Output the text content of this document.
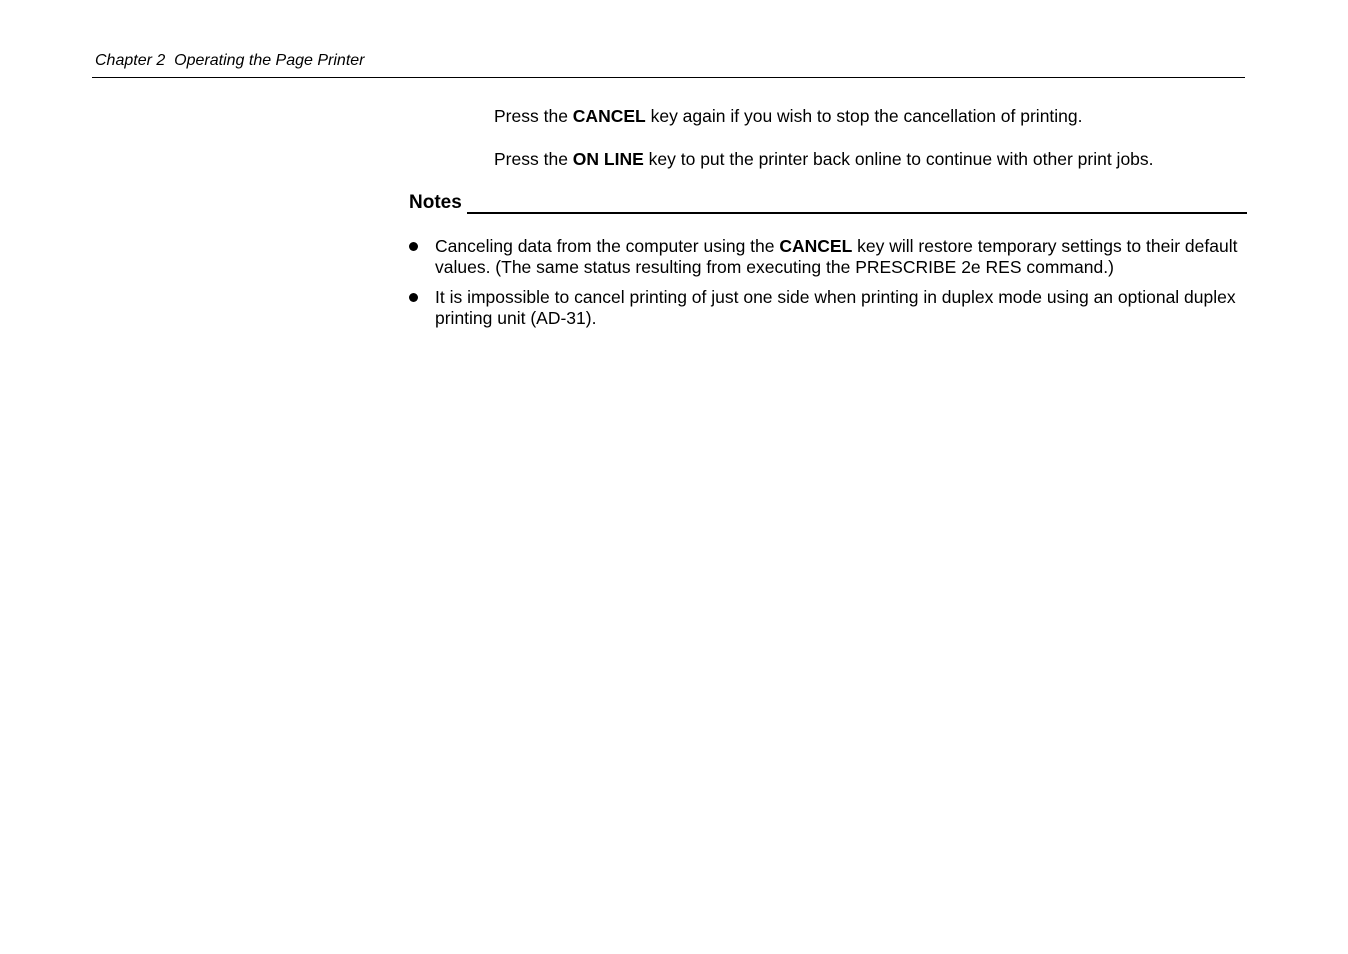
Chapter 2  Operating the Page Printer
Press the CANCEL key again if you wish to stop the cancellation of printing.
Press the ON LINE key to put the printer back online to continue with other print jobs.
Notes
Canceling data from the computer using the CANCEL key will restore temporary settings to their default values. (The same status resulting from executing the PRESCRIBE 2e RES command.)
It is impossible to cancel printing of just one side when printing in duplex mode using an optional duplex printing unit (AD-31).
